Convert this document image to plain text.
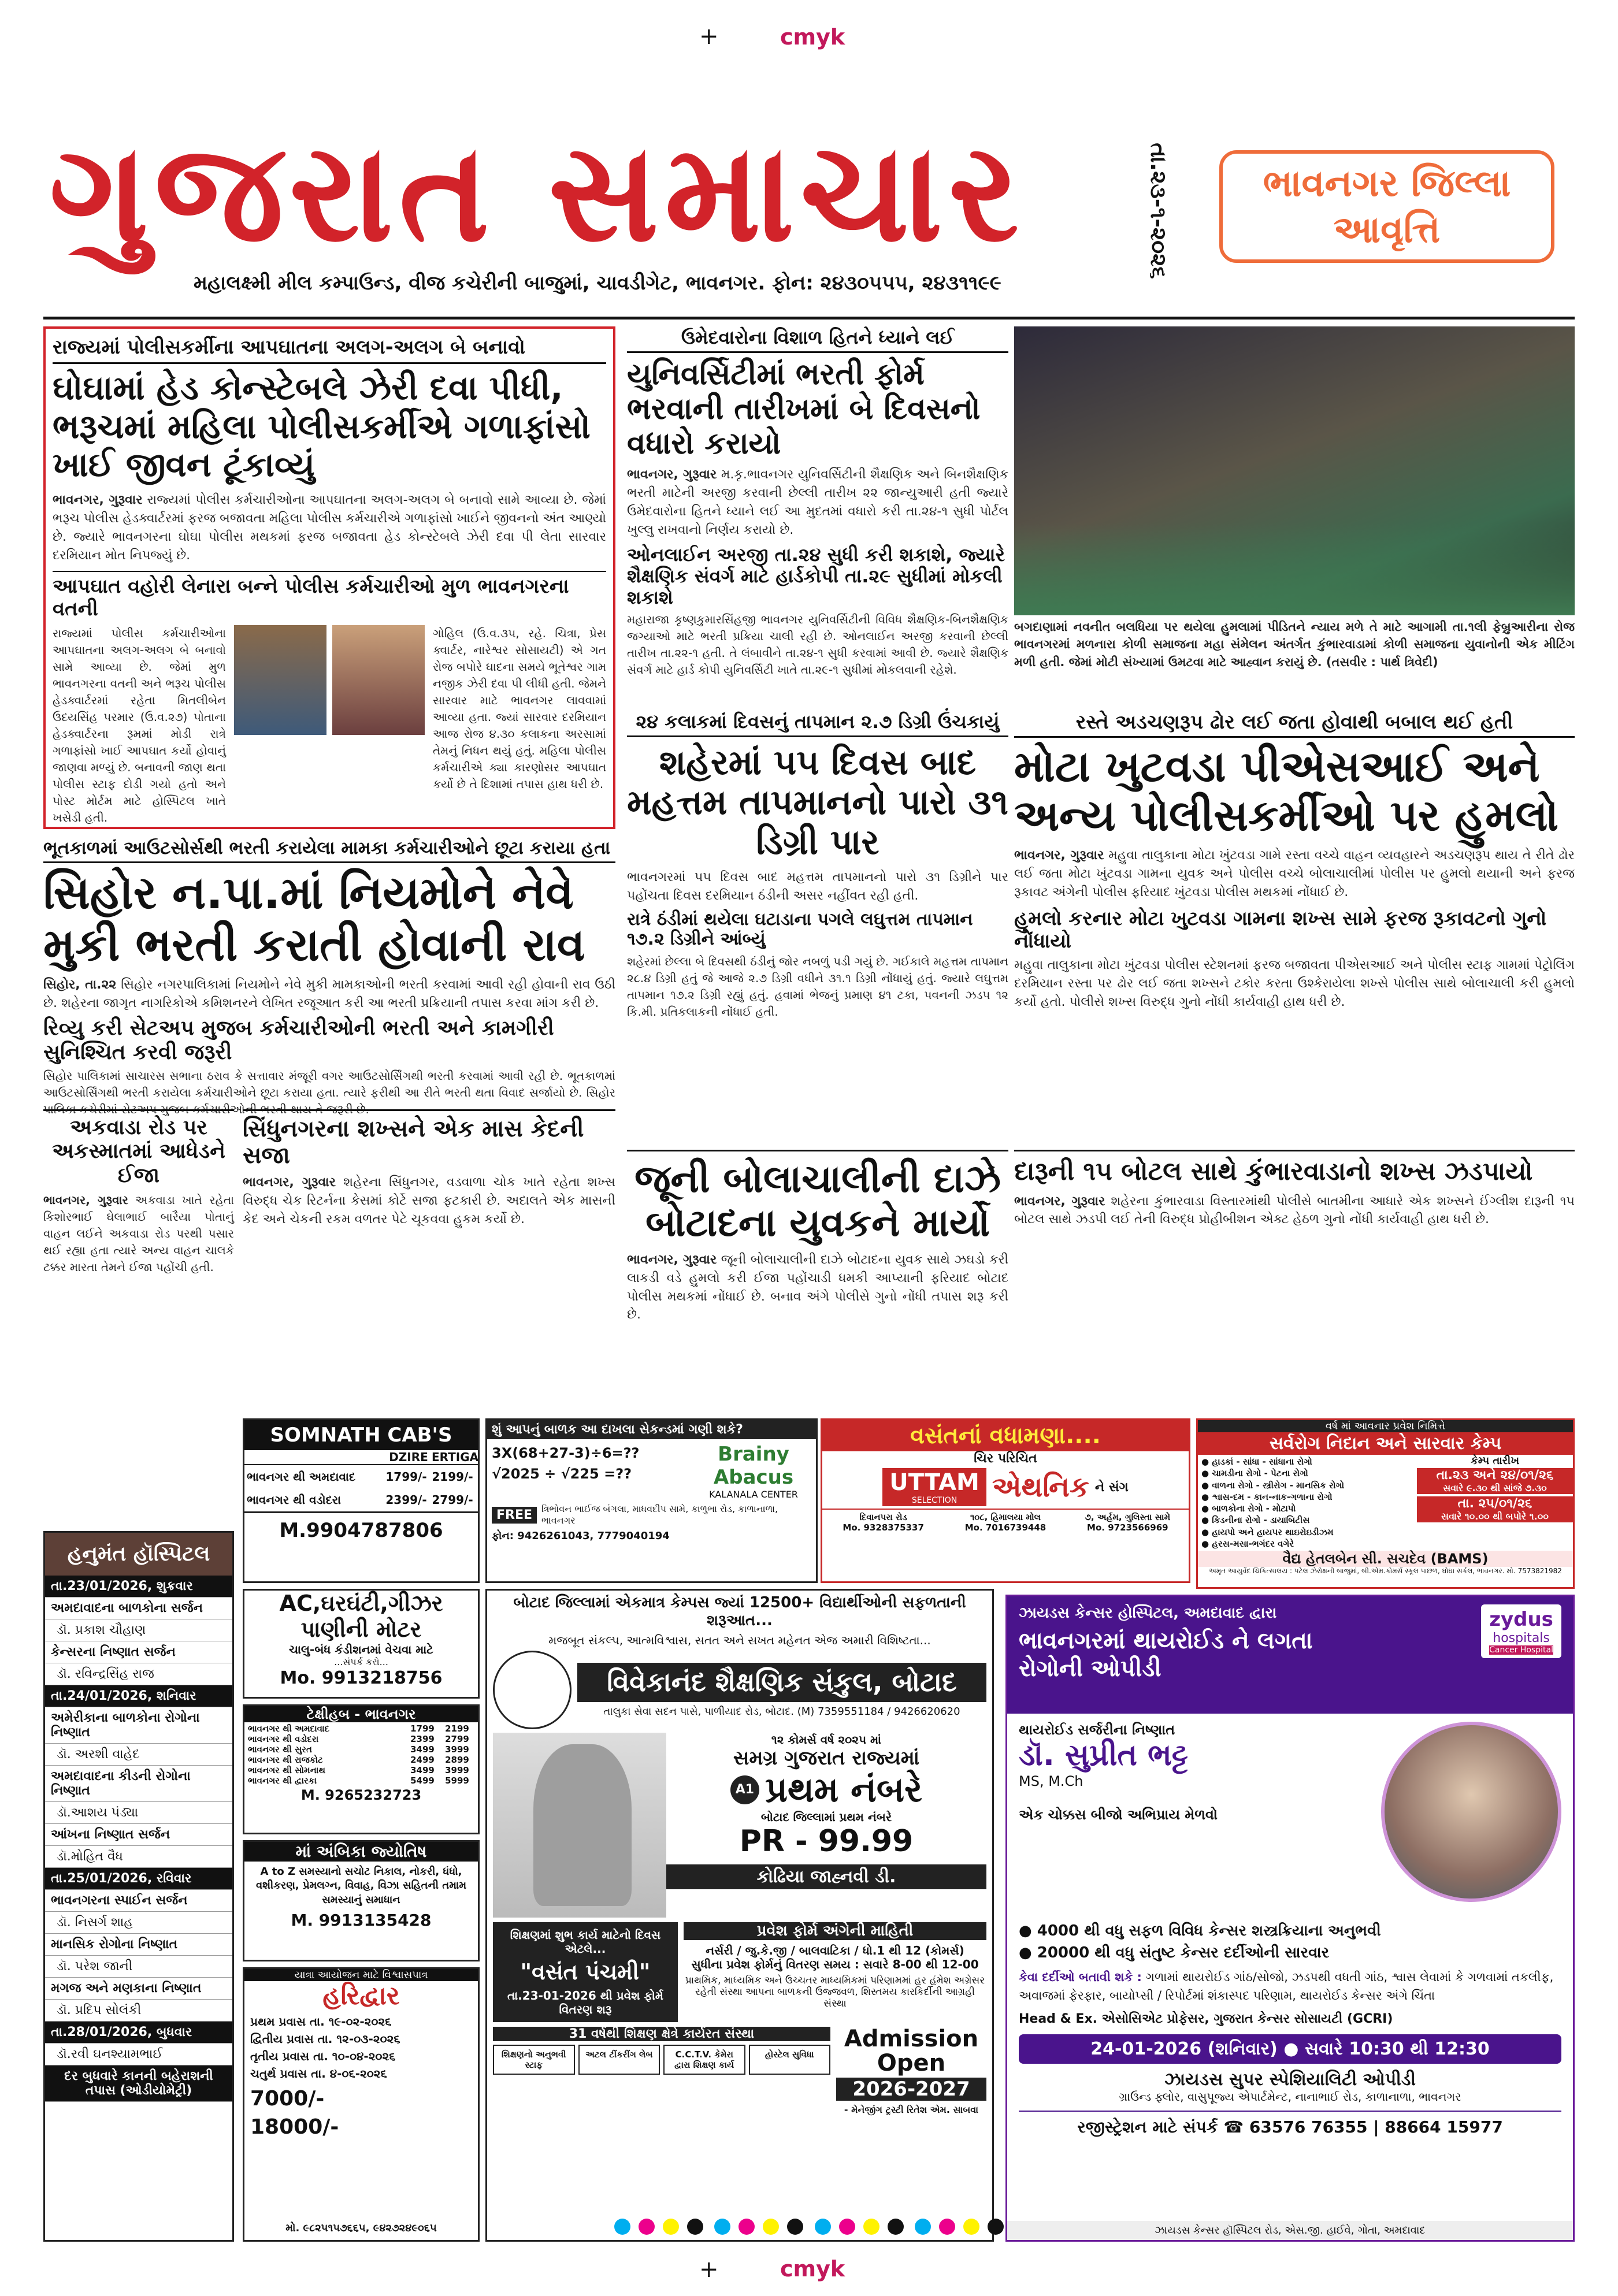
+	cmyk
+	cmyk
ગુજરાત સમાચાર
મહાલક્ષ્મી મીલ કમ્પાઉન્ડ, વીજ કચેરીની બાજુમાં, ચાવડીગેટ, ભાવનગર. ફોન: ૨૪૩૦૫૫૫, ૨૪૩૧૧૯૯
તા.૨૩-૧-૨૦૨૬	ભાવનગર જિલ્લા આવૃત્તિ
રાજ્યમાં પોલીસકર્મીના આપઘાતના અલગ-અલગ બે બનાવો
ઘોઘામાં હેડ કોન્સ્ટેબલે ઝેરી દવા પીધી, ભરૂચમાં મહિલા પોલીસકર્મીએ ગળાફાંસો ખાઈ જીવન ટૂંકાવ્યું
ભાવનગર, ગુરૂવાર રાજ્યમાં પોલીસ કર્મચારીઓના આપઘાતના અલગ-અલગ બે બનાવો સામે આવ્યા છે. જેમાં ભરૂચ પોલીસ હેડક્વાર્ટરમાં ફરજ બજાવતા મહિલા પોલીસ કર્મચારીએ ગળાફાંસો ખાઈને જીવનનો અંત આણ્યો છે. જ્યારે ભાવનગરના ઘોઘા પોલીસ મથકમાં ફરજ બજાવતા હેડ કોન્સ્ટેબલે ઝેરી દવા પી લેતા સારવાર દરમિયાન મોત નિપજ્યું છે.
આપઘાત વહોરી લેનારા બન્ને પોલીસ કર્મચારીઓ મુળ ભાવનગરના વતની
રાજ્યમાં પોલીસ કર્મચારીઓના આપઘાતના અલગ-અલગ બે બનાવો સામે આવ્યા છે. જેમાં મુળ ભાવનગરના વતની અને ભરૂચ પોલીસ હેડક્વાર્ટરમાં રહેતા મિતલીબેન ઉદયસિંહ પરમાર (ઉ.વ.૨૭) પોતાના હેડક્વાર્ટરના રૂમમાં મોડી રાત્રે ગળાફાંસો ખાઈ આપઘાત કર્યો હોવાનું જાણવા મળ્યું છે. બનાવની જાણ થતા પોલીસ સ્ટાફ દોડી ગયો હતો અને પોસ્ટ મોર્ટમ માટે હોસ્પિટલ ખાતે ખસેડી હતી.
ગોહિલ (ઉ.વ.૩૫, રહે. ચિત્રા, પ્રેસ ક્વાર્ટર, નારેશ્વર સોસાયટી) એ ગત રોજ બપોરે ઘાદના સમયે ભૂતેશ્વર ગામ નજીક ઝેરી દવા પી લીધી હતી. જેમને સારવાર માટે ભાવનગર લાવવામાં આવ્યા હતા. જ્યાં સારવાર દરમિયાન આજ રોજ ૪.૩૦ કલાકના અરસામાં તેમનું નિધન થયું હતું. મહિલા પોલીસ કર્મચારીએ ક્યા કારણોસર આપઘાત કર્યો છે તે દિશામાં તપાસ હાથ ધરી છે.
ઉમેદવારોના વિશાળ હિતને ધ્યાને લઈ
યુનિવર્સિટીમાં ભરતી ફોર્મ ભરવાની તારીખમાં બે દિવસનો વધારો કરાયો
ભાવનગર, ગુરૂવાર મ.કૃ.ભાવનગર યુનિવર્સિટીની શૈક્ષણિક અને બિનશૈક્ષણિક ભરતી માટેની અરજી કરવાની છેલ્લી તારીખ ૨૨ જાન્યુઆરી હતી જ્યારે ઉમેદવારોના હિતને ધ્યાને લઈ આ મુદતમાં વધારો કરી તા.૨૪-૧ સુધી પોર્ટલ ખુલ્લુ રાખવાનો નિર્ણય કરાયો છે.
ઓનલાઈન અરજી તા.૨૪ સુધી કરી શકાશે, જ્યારે શૈક્ષણિક સંવર્ગ માટે હાર્ડકોપી તા.૨૯ સુધીમાં મોકલી શકાશે
મહારાજા કૃષ્ણકુમારસિંહજી ભાવનગર યુનિવર્સિટીની વિવિધ શૈક્ષણિક-બિનશૈક્ષણિક જગ્યાઓ માટે ભરતી પ્રક્રિયા ચાલી રહી છે. ઓનલાઈન અરજી કરવાની છેલ્લી તારીખ તા.૨૨-૧ હતી. તે લંબાવીને તા.૨૪-૧ સુધી કરવામાં આવી છે. જ્યારે શૈક્ષણિક સંવર્ગ માટે હાર્ડ કોપી યુનિવર્સિટી ખાતે તા.૨૯-૧ સુધીમાં મોકલવાની રહેશે.
બગદાણામાં નવનીત બલધિયા પર થયેલા હુમલામાં પીડિતને ન્યાય મળે તે માટે આગામી તા.૧લી ફેબ્રુઆરીના રોજ ભાવનગરમાં મળનારા કોળી સમાજના મહા સંમેલન અંતર્ગત કુંભારવાડામાં કોળી સમાજના યુવાનોની એક મીટિંગ મળી હતી. જેમાં મોટી સંખ્યામાં ઉમટવા માટે આહ્વાન કરાયું છે. (તસવીર : પાર્થ ત્રિવેદી)
૨૪ કલાકમાં દિવસનું તાપમાન ૨.૭ ડિગ્રી ઉંચકાયું
શહેરમાં ૫૫ દિવસ બાદ મહત્તમ તાપમાનનો પારો ૩૧ ડિગ્રી પાર
ભાવનગરમાં ૫૫ દિવસ બાદ મહત્તમ તાપમાનનો પારો ૩૧ ડિગ્રીને પાર પહોંચતા દિવસ દરમિયાન ઠંડીની અસર નહીંવત રહી હતી.
રાત્રે ઠંડીમાં થયેલા ઘટાડાના પગલે લઘુત્તમ તાપમાન ૧૭.૨ ડિગ્રીને આંબ્યું
શહેરમાં છેલ્લા બે દિવસથી ઠંડીનું જોર નબળું પડી ગયું છે. ગઈકાલે મહત્તમ તાપમાન ૨૮.૪ ડિગ્રી હતું જે આજે ૨.૭ ડિગ્રી વધીને ૩૧.૧ ડિગ્રી નોંધાયું હતું. જ્યારે લઘુત્તમ તાપમાન ૧૭.૨ ડિગ્રી રહ્યું હતું. હવામાં ભેજનું પ્રમાણ ૪૧ ટકા, પવનની ઝડપ ૧૨ કિ.મી. પ્રતિકલાકની નોંધાઈ હતી.
રસ્તે અડચણરૂપ ઢોર લઈ જતા હોવાથી બબાલ થઈ હતી
મોટા ખુટવડા પીએસઆઈ અને અન્ય પોલીસકર્મીઓ પર હુમલો
ભાવનગર, ગુરૂવાર મહુવા તાલુકાના મોટા ખુંટવડા ગામે રસ્તા વચ્ચે વાહન વ્યવહારને અડચણરૂપ થાય તે રીતે ઢોર લઈ જતા મોટા ખુંટવડા ગામના યુવક અને પોલીસ વચ્ચે બોલાચાલીમાં પોલીસ પર હુમલો થયાની અને ફરજ રૂકાવટ અંગેની પોલીસ ફરિયાદ ખુંટવડા પોલીસ મથકમાં નોંધાઈ છે.
હુમલો કરનાર મોટા ખુટવડા ગામના શખ્સ સામે ફરજ રૂકાવટનો ગુનો નોંધાયો
મહુવા તાલુકાના મોટા ખુંટવડા પોલીસ સ્ટેશનમાં ફરજ બજાવતા પીએસઆઈ અને પોલીસ સ્ટાફ ગામમાં પેટ્રોલિંગ દરમિયાન રસ્તા પર ઢોર લઈ જતા શખ્સને ટકોર કરતા ઉશ્કેરાયેલા શખ્સે પોલીસ સાથે બોલાચાલી કરી હુમલો કર્યો હતો. પોલીસે શખ્સ વિરુદ્ધ ગુનો નોંધી કાર્યવાહી હાથ ધરી છે.
ભૂતકાળમાં આઉટસોર્સથી ભરતી કરાયેલા મામકા કર્મચારીઓને છૂટા કરાયા હતા
સિહોર ન.પા.માં નિયમોને નેવે મુકી ભરતી કરાતી હોવાની રાવ
સિહોર, તા.૨૨ સિહોર નગરપાલિકામાં નિયમોને નેવે મુકી મામકાઓની ભરતી કરવામાં આવી રહી હોવાની રાવ ઉઠી છે. શહેરના જાગૃત નાગરિકોએ કમિશનરને લેખિત રજૂઆત કરી આ ભરતી પ્રક્રિયાની તપાસ કરવા માંગ કરી છે.
રિવ્યુ કરી સેટઅપ મુજબ કર્મચારીઓની ભરતી અને કામગીરી સુનિશ્ચિત કરવી જરૂરી
સિહોર પાલિકામાં સાચારસ સભાના ઠરાવ કે સત્તાવાર મંજૂરી વગર આઉટસોર્સિંગથી ભરતી કરવામાં આવી રહી છે. ભૂતકાળમાં આઉટસોર્સિંગથી ભરતી કરાયેલા કર્મચારીઓને છૂટા કરાયા હતા. ત્યારે ફરીથી આ રીતે ભરતી થતા વિવાદ સર્જાયો છે. સિહોર પાલિકા કચેરીમાં સેટઅપ મુજબ કર્મચારીઓની ભરતી થાય તે જરૂરી છે.
જૂની બોલાચાલીની દાઝે બોટાદના યુવકને માર્યો
ભાવનગર, ગુરૂવાર જૂની બોલાચાલીની દાઝે બોટાદના યુવક સાથે ઝઘડો કરી લાકડી વડે હુમલો કરી ઈજા પહોંચાડી ધમકી આપ્યાની ફરિયાદ બોટાદ પોલીસ મથકમાં નોંધાઈ છે. બનાવ અંગે પોલીસે ગુનો નોંધી તપાસ શરૂ કરી છે.
દારૂની ૧૫ બોટલ સાથે કુંભારવાડાનો શખ્સ ઝડપાયો
ભાવનગર, ગુરૂવાર શહેરના કુંભારવાડા વિસ્તારમાંથી પોલીસે બાતમીના આધારે એક શખ્સને ઈંગ્લીશ દારૂની ૧૫ બોટલ સાથે ઝડપી લઈ તેની વિરુદ્ધ પ્રોહીબીશન એક્ટ હેઠળ ગુનો નોંધી કાર્યવાહી હાથ ધરી છે.
અકવાડા રોડ પર અકસ્માતમાં આધેડને ઈજા
ભાવનગર, ગુરૂવાર અકવાડા ખાતે રહેતા કિશોરભાઈ ઘેલાભાઈ બારૈયા પોતાનું વાહન લઈને અકવાડા રોડ પરથી પસાર થઈ રહ્યા હતા ત્યારે અન્ય વાહન ચાલકે ટક્કર મારતા તેમને ઈજા પહોંચી હતી.
સિંધુનગરના શખ્સને એક માસ કેદની સજા
ભાવનગર, ગુરૂવાર શહેરના સિંધુનગર, વડવાળા ચોક ખાતે રહેતા શખ્સ વિરુદ્ધ ચેક રિટર્નના કેસમાં કોર્ટે સજા ફટકારી છે. અદાલતે એક માસની કેદ અને ચેકની રકમ વળતર પેટે ચૂકવવા હુકમ કર્યો છે.
SOMNATH CAB'S
DZIRE ERTIGA
ભાવનગર થી અમદાવાદ	1799/- 2199/-
ભાવનગર થી વડોદરા	2399/- 2799/-
M.9904787806
શું આપનું બાળક આ દાખલા સેકન્ડમાં ગણી શકે?
3X(68+27-3)÷6=??
√2025 ÷ √225 =??
Brainy Abacus
KALANALA CENTER
FREE	ત્રિભોવન ભાઈજ બંગલા, માધવદીપ સામે, કાળુભા રોડ, કાળાનાળા, ભાવનગર
ફોન: 9426261043, 7779040194
વસંતનાં વધામણા....
ચિર પરિચિત
UTTAM
SELECTION	એથનિક ને સંગ
દિવાનપરા રોડ
Mo. 9328375337
૧૦૮, હિમાલયા મોલ
Mo. 7016739448
૭, અર્હમ, ગુલિસ્તા સામે
Mo. 9723566969
વર્ષ માં આવનાર પ્રવેશ નિમિત્તે
સર્વરોગ નિદાન અને સારવાર કેમ્પ
● હાડકાં - સાંધા - સાંધાના રોગો
● ચામડીના રોગો - પેટના રોગો
● વાળના રોગો - સ્ત્રીરોગ - માનસિક રોગો
● શ્વાસ-દમ - કાન-નાક-ગળાના રોગો
● બાળકોના રોગો - મોટાપો
● કિડનીના રોગો - ડાયાબિટીસ
● હાયપો અને હાયપર થાઇરોઇડીઝમ
● હરસ-મસા-ભગંદર વગેરે
કેમ્પ તારીખ
તા.૨૩ અને ૨૪/૦૧/૨૬
સવારે ૯.૩૦ થી સાંજે ૭.૩૦
તા. ૨૫/૦૧/૨૬
સવારે ૧૦.૦૦ થી બપોરે ૧.૦૦
વૈદ્ય હેતલબેન સી. સચદેવ (BAMS)
અમૃત આયુર્વેદ ચિકિત્સાલય : પટેલ ઝેરોક્ષની બાજુમાં, બી.એમ.કોમર્સ સ્કૂલ પાછળ, ઘોઘા સર્કલ, ભાવનગર. મો. 7573821982
હનુમંત હૉસ્પિટલ
તા.23/01/2026, શુક્રવાર
અમદાવાદના બાળકોના સર્જન
ડૉ. પ્રકાશ ચૌહાણ
કેન્સરના નિષ્ણાત સર્જન
ડૉ. રવિન્દ્રસિંહ રાજ
તા.24/01/2026, શનિવાર
અમેરીકાના બાળકોના રોગોના નિષ્ણાત
ડૉ. અરશી વાહેદ
અમદાવાદના કીડની રોગોના નિષ્ણાત
ડૉ.આશય પંડ્યા
આંખના નિષ્ણાત સર્જન
ડૉ.મોહિત વૈધ
તા.25/01/2026, રવિવાર
ભાવનગરના સ્પાઈન સર્જન
ડૉ. નિસર્ગ શાહ
માનસિક રોગોના નિષ્ણાત
ડૉ. પરેશ જાની
મગજ અને મણકાના નિષ્ણાત
ડૉ. પ્રદિપ સોલંકી
તા.28/01/2026, બુધવાર
ડૉ.રવી ઘનશ્યામભાઈ
દર બુધવારે કાનની બહેરાશની તપાસ (ઓડીયોમેટ્રી)
AC,ઘરઘંટી,ગીઝર
પાણીની મોટર
ચાલુ-બંધ કંડીશનમાં વેચવા માટે
...સંપર્ક કરો...
Mo. 9913218756
ટેક્ષીહબ - ભાવનગર
ભાવનગર થી અમદાવાદ	1799	2199
ભાવનગર થી વડોદરા	2399	2799
ભાવનગર થી સુરત	3499	3999
ભાવનગર થી રાજકોટ	2499	2899
ભાવનગર થી સોમનાથ	3499	3999
ભાવનગર થી દ્વારકા	5499	5999
M. 9265232723
માં અંબિકા જ્યોતિષ
A to Z સમસ્યાનો સચોટ નિકાલ, નોકરી, ધંધો, વશીકરણ, પ્રેમલગ્ન, વિવાહ, વિઝા સહિતની તમામ સમસ્યાનું સમાધાન
M. 9913135428
યાત્રા આયોજન માટે વિશ્વાસપાત્ર
હરિદ્વાર
પ્રથમ પ્રવાસ તા. ૧૯-૦૨-૨૦૨૬
દ્વિતીય પ્રવાસ તા. ૧૨-૦૩-૨૦૨૬
તૃતીય પ્રવાસ તા. ૧૦-૦૪-૨૦૨૬
ચતુર્થ પ્રવાસ તા. ૪-૦૬-૨૦૨૬
7000/-
18000/-
મો. ૯૮૨૫૧૫૭૬૬૫, ૯૪૨૭૨૪૯૦૬૫
બોટાદ જિલ્લામાં એકમાત્ર કેમ્પસ જ્યાં 12500+ વિદ્યાર્થીઓની સફળતાની શરૂઆત...
મજબૂત સંકલ્પ, આત્મવિશ્વાસ, સતત અને સખત મહેનત એજ અમારી વિશિષ્ટતા...
વિવેકાનંદ શૈક્ષણિક સંકુલ, બોટાદ
તાલુકા સેવા સદન પાસે, પાળીયાદ રોડ, બોટાદ. (M) 7359551184 / 9426620620
૧૨ કોમર્સ વર્ષ ૨૦૨૫ માં
સમગ્ર ગુજરાત રાજ્યમાં
A1 પ્રથમ નંબરે
બોટાદ જિલ્લામાં પ્રથમ નંબરે
PR - 99.99
કોઢિયા જાહ્નવી ડી.
શિક્ષણમાં શુભ કાર્ય માટેનો દિવસ એટલે...
"વસંત પંચમી"
તા.23-01-2026 થી પ્રવેશ ફોર્મ વિતરણ શરૂ
પ્રવેશ ફોર્મ અંગેની માહિતી
નર્સરી / જુ.કે.જી / બાલવાટિકા / ધો.1 થી 12 (કોમર્સ)
સુધીના પ્રવેશ ફોર્મનું વિતરણ સમય : સવારે 8-00 થી 12-00
પ્રાથમિક, માધ્યમિક અને ઉચ્ચતર માધ્યમિકમાં પરિણામમાં હર હંમેશ અગ્રેસર રહેતી સંસ્થા આપના બાળકની ઉજ્જવળ, શિસ્તમય કારકિર્દીની આગ્રહી સંસ્થા
31 વર્ષથી શિક્ષણ ક્ષેત્રે કાર્યરત સંસ્થા
શિક્ષણનો અનુભવી સ્ટાફ
અટલ ટીંકરીંગ લેબ	C.C.T.V. કેમેરા દ્વારા શિક્ષણ કાર્ય
હોસ્ટેલ સુવિધા
Admission Open
2026-2027
- મેનેજીંગ ટ્રસ્ટી રિતેશ એમ. સાબવા
ઝાયડસ કેન્સર હોસ્પિટલ, અમદાવાદ દ્વારા
ભાવનગરમાં થાયરોઈડ ને લગતા રોગોની ઓપીડી
zydus
hospitals
Cancer Hospital
થાયરોઈડ સર્જરીના નિષ્ણાત
ડૉ. સુપ્રીત ભટ્ટ
MS, M.Ch
એક ચોક્કસ બીજો અભિપ્રાય મેળવો
● 4000 થી વધુ સફળ વિવિધ કેન્સર શસ્ત્રક્રિયાના અનુભવી
● 20000 થી વધુ સંતુષ્ટ કેન્સર દર્દીઓની સારવાર
કેવા દર્દીઓ બતાવી શકે : ગળામાં થાયરોઈડ ગાંઠ/સોજો, ઝડપથી વધતી ગાંઠ, શ્વાસ લેવામાં કે ગળવામાં તકલીફ, અવાજમાં ફેરફાર, બાયોપ્સી / રિપોર્ટમાં શંકાસ્પદ પરિણામ, થાયરોઈડ કેન્સર અંગે ચિંતા
Head & Ex. એસોસિએટ પ્રોફેસર, ગુજરાત કેન્સર સોસાયટી (GCRI)
24-01-2026 (શનિવાર) ● સવારે 10:30 થી 12:30
ઝાયડસ સુપર સ્પેશિયાલિટી ઓપીડી
ગ્રાઉન્ડ ફ્લોર, વાસુપૂજ્ય એપાર્ટમેન્ટ, નાનાભાઈ રોડ, કાળાનાળા, ભાવનગર
રજીસ્ટ્રેશન માટે સંપર્ક ☎ 63576 76355 | 88664 15977
ઝાયડસ કેન્સર હૉસ્પિટલ રોડ, એસ.જી. હાઈવે, ગોતા, અમદાવાદ
